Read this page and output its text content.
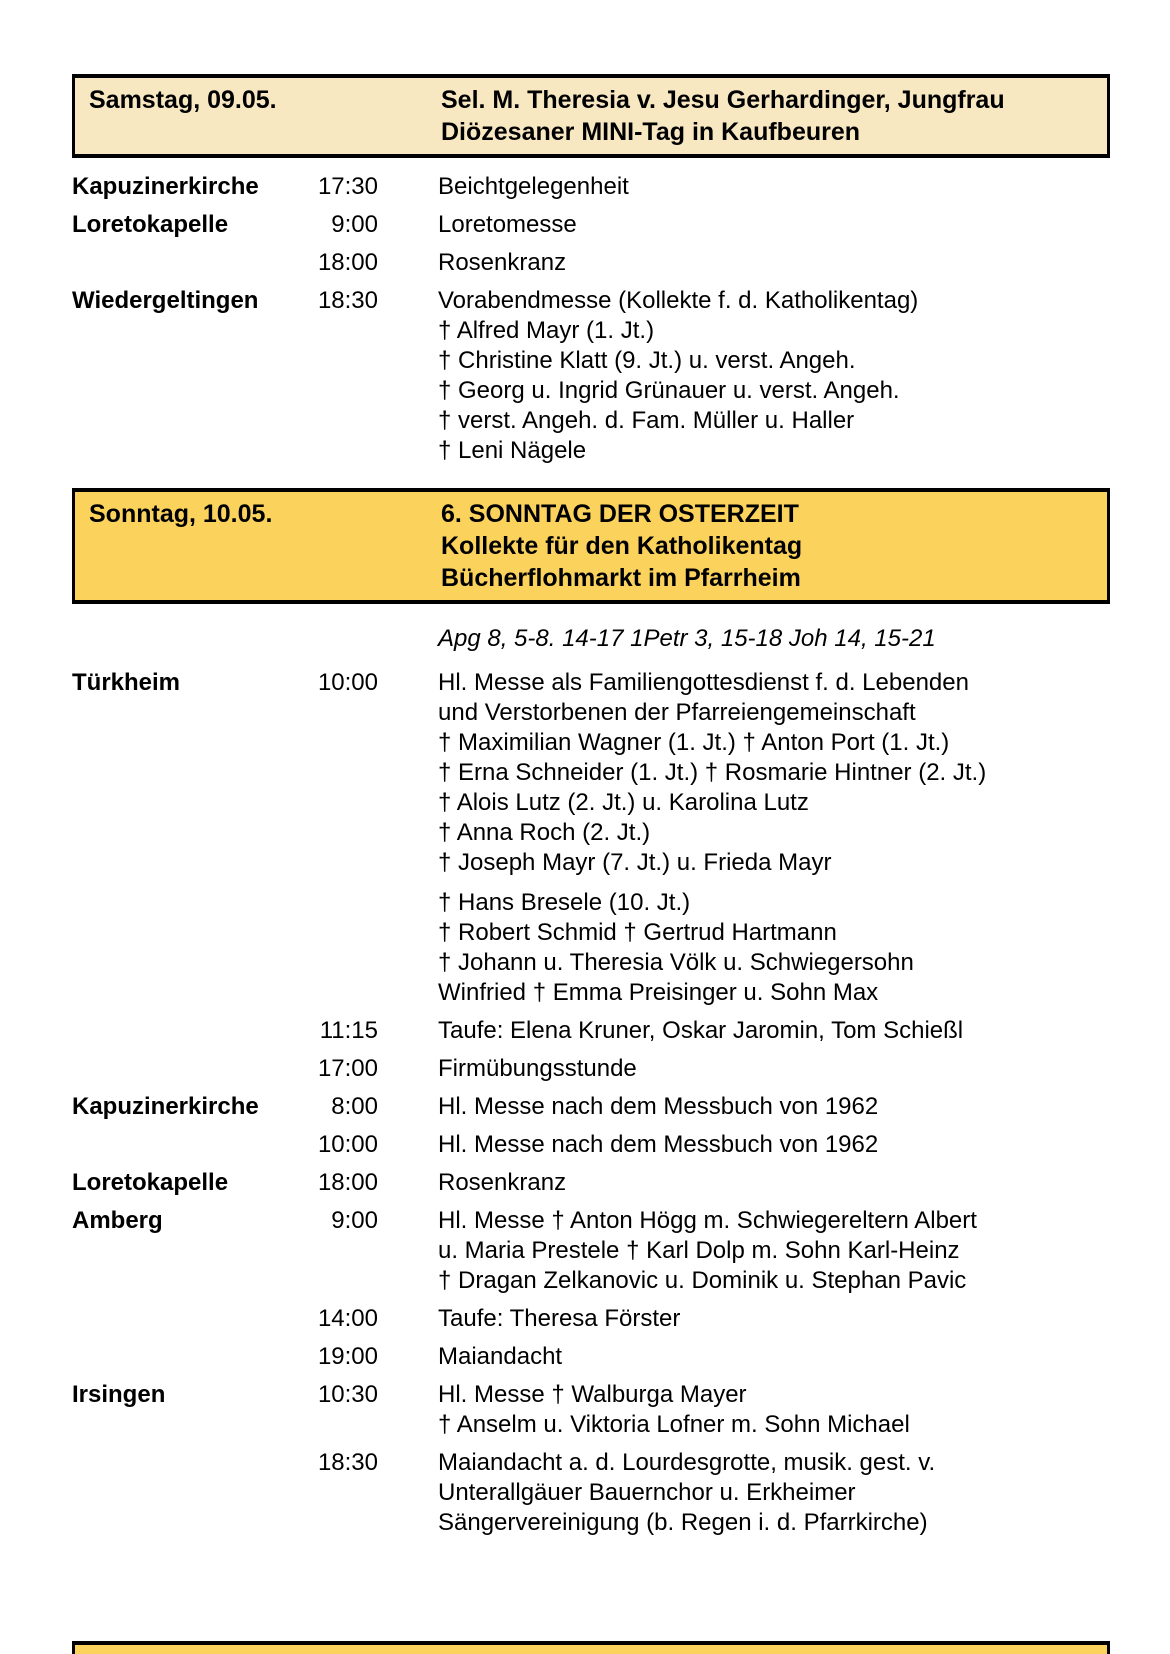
Samstag, 09.05.	Sel. M. Theresia v. Jesu Gerhardinger, Jungfrau
Diözesaner MINI-Tag in Kaufbeuren
Kapuzinerkirche	17:30	Beichtgelegenheit
Loretokapelle	9:00	Loretomesse
18:00	Rosenkranz
Wiedergeltingen	18:30	Vorabendmesse (Kollekte f. d. Katholikentag)
† Alfred Mayr (1. Jt.)
† Christine Klatt (9. Jt.) u. verst. Angeh.
† Georg u. Ingrid Grünauer u. verst. Angeh.
† verst. Angeh. d. Fam. Müller u. Haller
† Leni Nägele
Sonntag, 10.05.	6. SONNTAG DER OSTERZEIT
Kollekte für den Katholikentag
Bücherflohmarkt im Pfarrheim
Apg 8, 5-8. 14-17 1Petr 3, 15-18 Joh 14, 15-21
Türkheim	10:00	Hl. Messe als Familiengottesdienst f. d. Lebenden
und Verstorbenen der Pfarreiengemeinschaft
† Maximilian Wagner (1. Jt.) † Anton Port (1. Jt.)
† Erna Schneider (1. Jt.) † Rosmarie Hintner (2. Jt.)
† Alois Lutz (2. Jt.) u. Karolina Lutz
† Anna Roch (2. Jt.)
† Joseph Mayr (7. Jt.) u. Frieda Mayr
† Hans Bresele (10. Jt.)
† Robert Schmid † Gertrud Hartmann
† Johann u. Theresia Völk u. Schwiegersohn
Winfried † Emma Preisinger u. Sohn Max
11:15	Taufe: Elena Kruner, Oskar Jaromin, Tom Schießl
17:00	Firmübungsstunde
Kapuzinerkirche	8:00	Hl. Messe nach dem Messbuch von 1962
10:00	Hl. Messe nach dem Messbuch von 1962
Loretokapelle	18:00	Rosenkranz
Amberg	9:00	Hl. Messe † Anton Högg m. Schwiegereltern Albert
u. Maria Prestele † Karl Dolp m. Sohn Karl-Heinz
† Dragan Zelkanovic u. Dominik u. Stephan Pavic
14:00	Taufe: Theresa Förster
19:00	Maiandacht
Irsingen	10:30	Hl. Messe † Walburga Mayer
† Anselm u. Viktoria Lofner m. Sohn Michael
18:30	Maiandacht a. d. Lourdesgrotte, musik. gest. v.
Unterallgäuer Bauernchor u. Erkheimer
Sängervereinigung (b. Regen i. d. Pfarrkirche)
